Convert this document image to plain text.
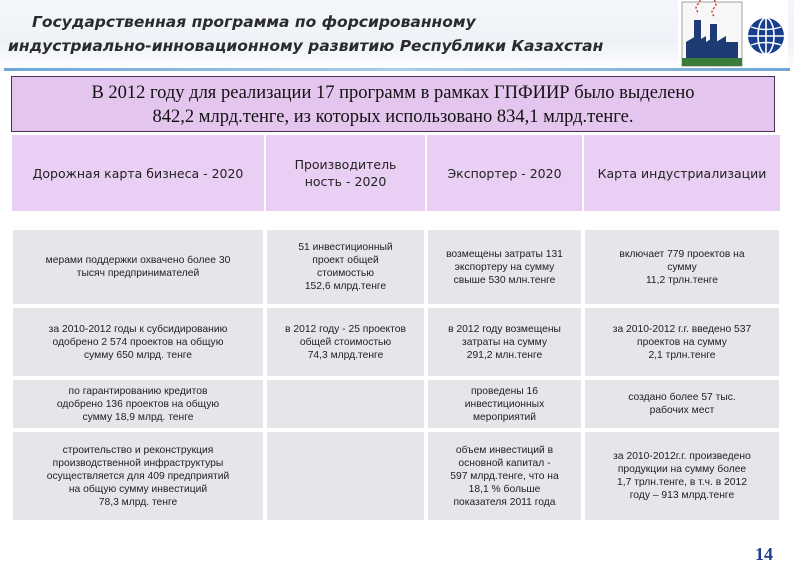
Государственная программа по форсированному
индустриально-инновационному развитию Республики Казахстан
В 2012 году для реализации 17 программ в рамках ГПФИИР было выделено
842,2 млрд.тенге, из которых использовано 834,1 млрд.тенге.
Дорожная карта бизнеса - 2020
Производитель
ность - 2020
Экспортер - 2020	Карта индустриализации
мерами поддержки охвачено более 30
тысяч предпринимателей
51 инвестиционный
проект общей
стоимостью
152,6 млрд.тенге
возмещены затраты 131
экспортеру на сумму
свыше 530 млн.тенге
включает 779 проектов на
сумму
11,2 трлн.тенге
за 2010-2012 годы к субсидированию
одобрено 2 574 проектов на общую
сумму 650 млрд. тенге
в 2012 году - 25 проектов
общей стоимостью
74,3 млрд.тенге
в 2012 году возмещены
затраты на сумму
291,2 млн.тенге
за 2010-2012 г.г. введено 537
проектов на сумму
2,1 трлн.тенге
по гарантированию кредитов
одобрено 136 проектов на общую
сумму 18,9 млрд. тенге
проведены 16
инвестиционных
мероприятий
создано более 57 тыс.
рабочих мест
строительство и реконструкция
производственной инфраструктуры
осуществляется для 409 предприятий
на общую сумму инвестиций
78,3 млрд. тенге
объем инвестиций в
основной капитал -
597 млрд.тенге, что на
18,1 % больше
показателя 2011 года
за 2010-2012г.г. произведено
продукции на сумму более
1,7 трлн.тенге, в т.ч. в 2012
году – 913 млрд.тенге
14
